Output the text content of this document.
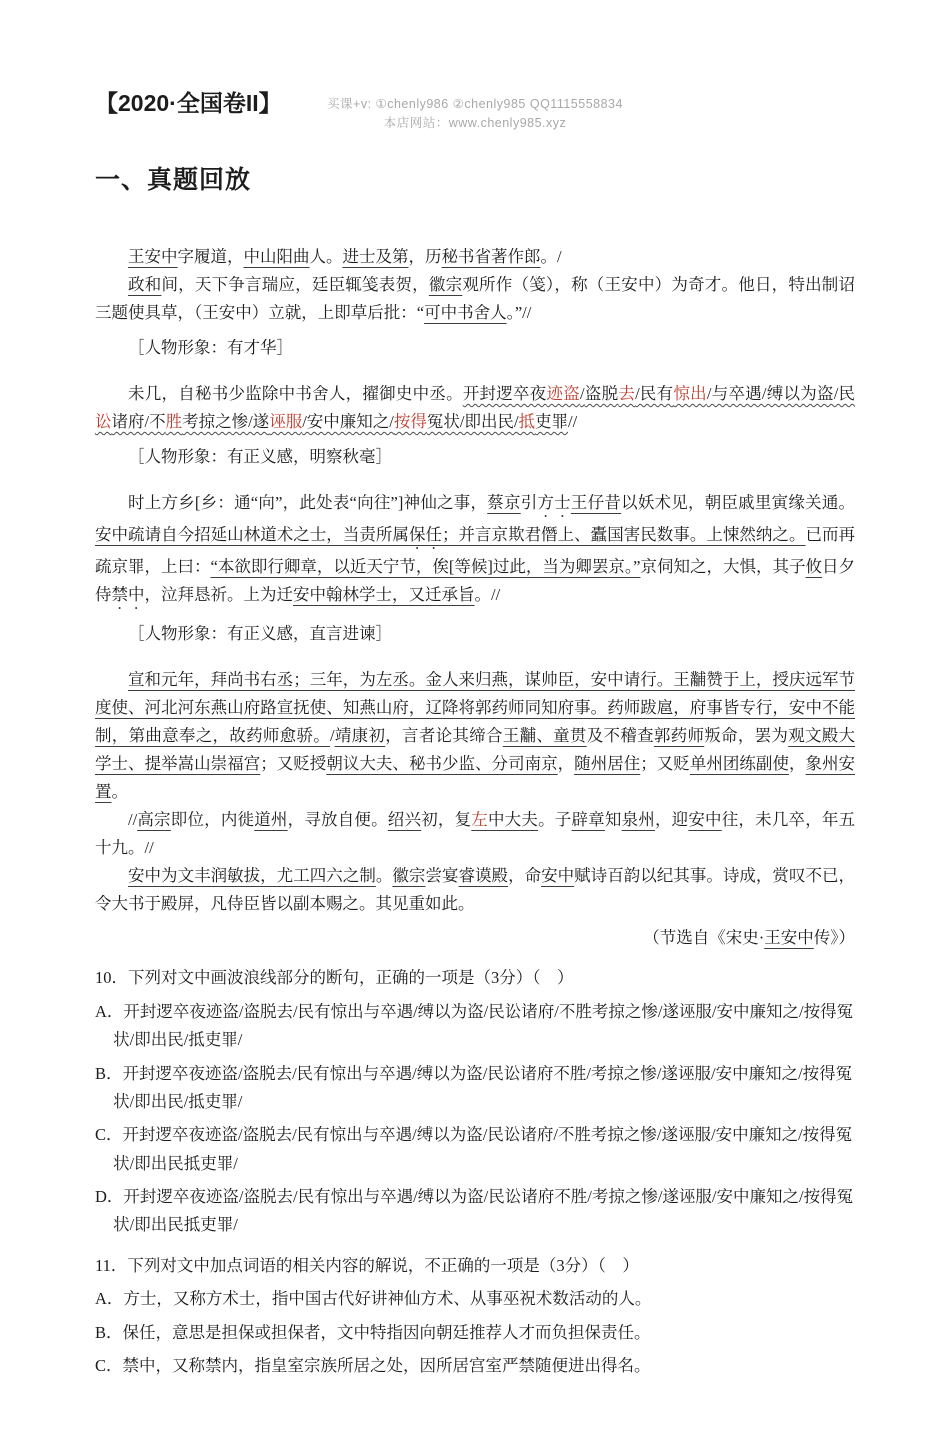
买课+v: ①chenly986 ②chenly985 QQ1115558834
本店网站：www.chenly985.xyz
【2020·全国卷II】
一、真题回放

王安中字履道，中山阳曲人。进士及第，历秘书省著作郎。/

政和间，天下争言瑞应，廷臣辄笺表贺，徽宗观所作（笺），称（王安中）为奇才。他日，特出制诏三题使具草，（王安中）立就，上即草后批：“可中书舍人。”//

［人物形象：有才华］

未几，自秘书少监除中书舍人，擢御史中丞。开封逻卒夜迹盗/盗脱去/民有惊出/与卒遇/缚以为盗/民讼诸府/不胜考掠之惨/遂诬服/安中廉知之/按得冤状/即出民/抵吏罪//

［人物形象：有正义感，明察秋毫］

时上方乡[乡：通“向”，此处表“向往”]神仙之事，蔡京引方士王仔昔以妖术见，朝臣戚里寅缘关通。安中疏请自今招延山林道术之士，当责所属保任；并言京欺君僭上、蠹国害民数事。上悚然纳之。已而再疏京罪，上曰：“本欲即行卿章，以近天宁节，俟[等候]过此，当为卿罢京。”京伺知之，大惧，其子攸日夕侍禁中，泣拜恳祈。上为迁安中翰林学士，又迁承旨。//

［人物形象：有正义感，直言进谏］

宣和元年，拜尚书右丞；三年，为左丞。金人来归燕，谋帅臣，安中请行。王黼赞于上，授庆远军节度使、河北河东燕山府路宣抚使、知燕山府，辽降将郭药师同知府事。药师跋扈，府事皆专行，安中不能制，第曲意奉之，故药师愈骄。/靖康初，言者论其缔合王黼、童贯及不稽查郭药师叛命，罢为观文殿大学士、提举嵩山崇福宫；又贬授朝议大夫、秘书少监、分司南京，随州居住；又贬单州团练副使，象州安置。

//高宗即位，内徙道州，寻放自便。绍兴初，复左中大夫。子辟章知泉州，迎安中往，未几卒，年五十九。//

安中为文丰润敏拔，尤工四六之制。徽宗尝宴睿谟殿，命安中赋诗百韵以纪其事。诗成，赏叹不已，令大书于殿屏，凡侍臣皆以副本赐之。其见重如此。

（节选自《宋史·王安中传》）

10．下列对文中画波浪线部分的断句，正确的一项是（3分）（　）

A．开封逻卒夜迹盗/盗脱去/民有惊出与卒遇/缚以为盗/民讼诸府/不胜考掠之惨/遂诬服/安中廉知之/按得冤状/即出民/抵吏罪/

B．开封逻卒夜迹盗/盗脱去/民有惊出与卒遇/缚以为盗/民讼诸府不胜/考掠之惨/遂诬服/安中廉知之/按得冤状/即出民/抵吏罪/

C．开封逻卒夜迹盗/盗脱去/民有惊出与卒遇/缚以为盗/民讼诸府/不胜考掠之惨/遂诬服/安中廉知之/按得冤状/即出民抵吏罪/

D．开封逻卒夜迹盗/盗脱去/民有惊出与卒遇/缚以为盗/民讼诸府不胜/考掠之惨/遂诬服/安中廉知之/按得冤状/即出民抵吏罪/

11．下列对文中加点词语的相关内容的解说，不正确的一项是（3分）（　）

A．方士，又称方术士，指中国古代好讲神仙方术、从事巫祝术数活动的人。

B．保任，意思是担保或担保者，文中特指因向朝廷推荐人才而负担保责任。

C．禁中，又称禁内，指皇室宗族所居之处，因所居宫室严禁随便进出得名。
